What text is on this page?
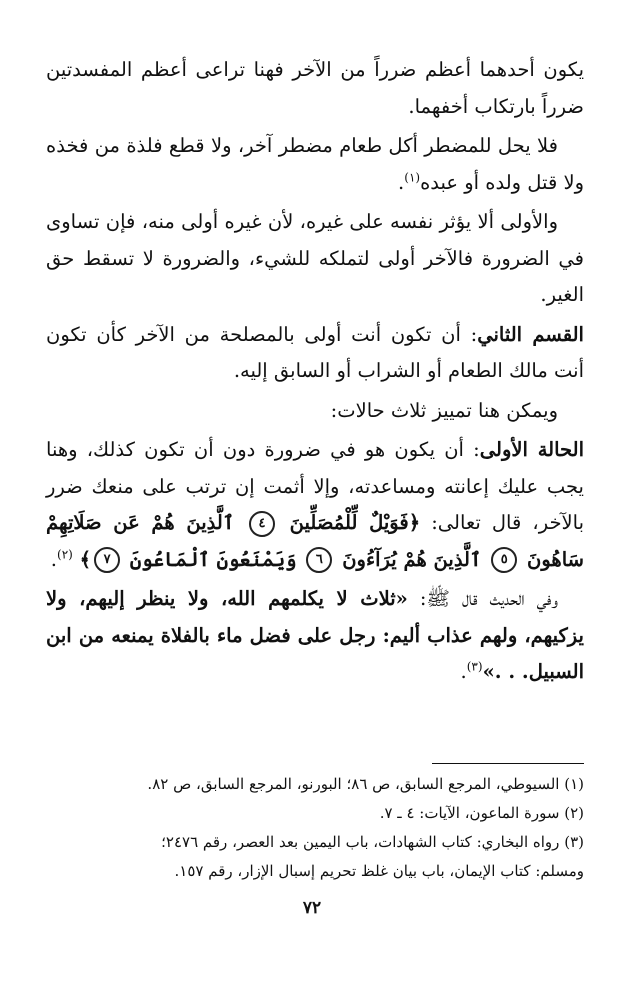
يكون أحدهما أعظم ضرراً من الآخر فهنا تراعى أعظم المفسدتين ضرراً بارتكاب أخفهما.

فلا يحل للمضطر أكل طعام مضطر آخر، ولا قطع فلذة من فخذه ولا قتل ولده أو عبده$^{(١)}$.

والأولى ألا يؤثر نفسه على غيره، لأن غيره أولى منه، فإن تساوى في الضرورة فالآخر أولى لتملكه للشيء، والضرورة لا تسقط حق الغير.

القسم الثاني: أن تكون أنت أولى بالمصلحة من الآخر كأن تكون أنت مالك الطعام أو الشراب أو السابق إليه.

ويمكن هنا تمييز ثلاث حالات:

الحالة الأولى: أن يكون هو في ضرورة دون أن تكون كذلك، وهنا يجب عليك إعانته ومساعدته، وإلا أثمت إن ترتب على منعك ضرر بالآخر، قال تعالى: ﴿فَوَيْلٌ لِّلْمُصَلِّينَ ٤ ٱلَّذِينَ هُمْ عَن صَلَاتِهِمْ سَاهُونَ ٥ ٱلَّذِينَ هُمْ يُرَآءُونَ ٦ وَيَمْنَعُونَ ٱلْمَاعُونَ ٧﴾ $^{(٢)}$.

وفي الحديث قال ﷺ: «ثلاث لا يكلمهم الله، ولا ينظر إليهم، ولا يزكيهم، ولهم عذاب أليم: رجل على فضل ماء بالفلاة يمنعه من ابن السبيل. . .»$^{(٣)}$.

(١) السيوطي، المرجع السابق، ص ٨٦؛ البورنو، المرجع السابق، ص ٨٢.

(٢) سورة الماعون، الآيات: ٤ ـ ٧.

(٣) رواه البخاري: كتاب الشهادات، باب اليمين بعد العصر، رقم ٢٤٧٦؛

ومسلم: كتاب الإيمان، باب بيان غلظ تحريم إسبال الإزار، رقم ١٥٧.

٧٢
